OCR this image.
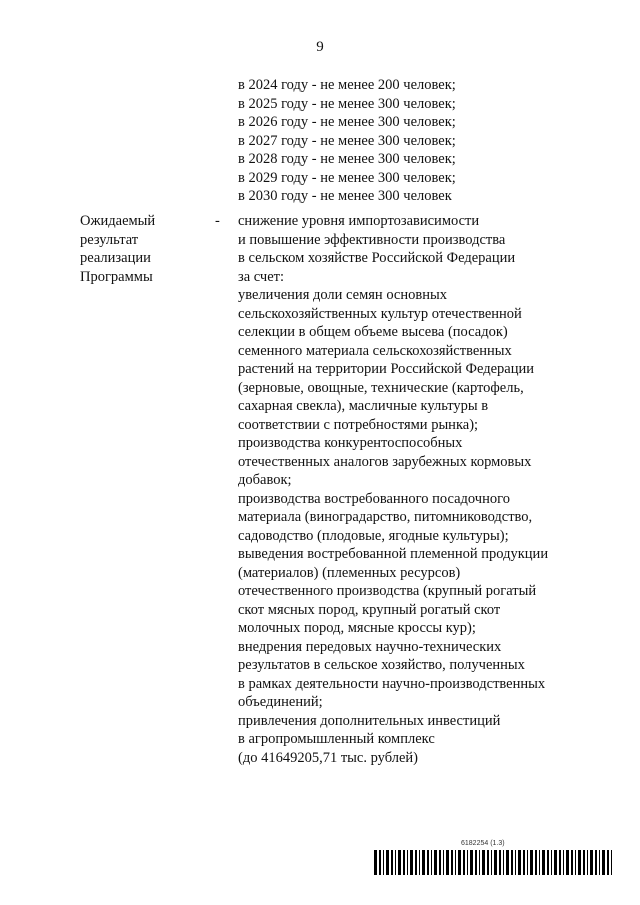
9
в 2024 году - не менее 200 человек;
в 2025 году - не менее 300 человек;
в 2026 году - не менее 300 человек;
в 2027 году - не менее 300 человек;
в 2028 году - не менее 300 человек;
в 2029 году - не менее 300 человек;
в 2030 году - не менее 300 человек
Ожидаемый
результат
реализации
Программы
- снижение уровня импортозависимости
и повышение эффективности производства
в сельском хозяйстве Российской Федерации
за счет:
увеличения доли семян основных
сельскохозяйственных культур отечественной
селекции в общем объеме высева (посадок)
семенного материала сельскохозяйственных
растений на территории Российской Федерации
(зерновые, овощные, технические (картофель,
сахарная свекла), масличные культуры в
соответствии с потребностями рынка);
производства конкурентоспособных
отечественных аналогов зарубежных кормовых
добавок;
производства востребованного посадочного
материала (виноградарство, питомниководство,
садоводство (плодовые, ягодные культуры);
выведения востребованной племенной продукции
(материалов) (племенных ресурсов)
отечественного производства (крупный рогатый
скот мясных пород, крупный рогатый скот
молочных пород, мясные кроссы кур);
внедрения передовых научно-технических
результатов в сельское хозяйство, полученных
в рамках деятельности научно-производственных
объединений;
привлечения дополнительных инвестиций
в агропромышленный комплекс
(до 41649205,71 тыс. рублей)
6182254 (1.3)
